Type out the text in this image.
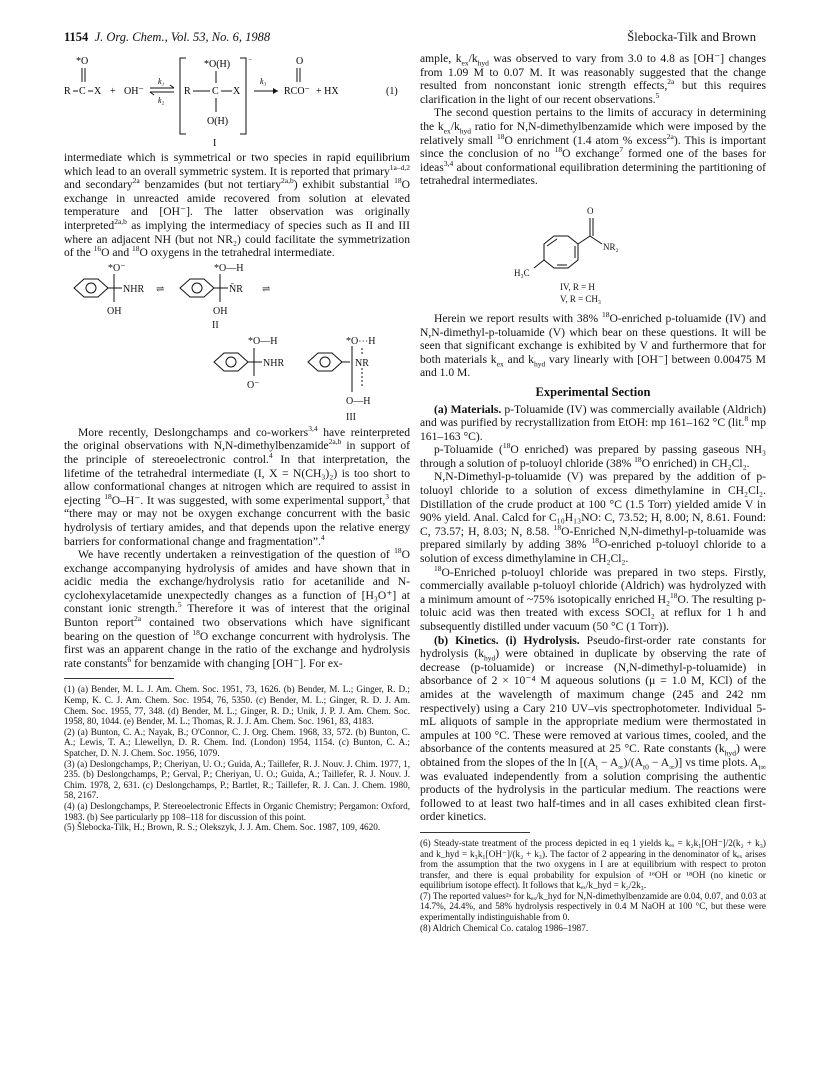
1154 J. Org. Chem., Vol. 53, No. 6, 1988	Šlebocka-Tilk and Brown
*O
R C X + OH⁻
k₁
k₂
⁻
*O(H)
R C X
O(H)
I
k₃
O
RCO⁻ + HX	(1)

intermediate which is symmetrical or two species in rapid equilibrium which lead to an overall symmetric system. It is reported that primary$^{1a-d,2}$ and secondary$^{2a}$ benzamides (but not tertiary$^{2a,b}$) exhibit substantial $^{18}$O exchange in unreacted amide recovered from solution at elevated temperature and [OH⁻]. The latter observation was originally interpreted$^{2a,b}$ as implying the intermediacy of species such as II and III where an adjacent NH (but not NR₂) could facilitate the symmetrization of the $^{16}$O and $^{18}$O oxygens in the tetrahedral intermediate.

*O⁻
NHR
OH
⇌
*O—H
N̄R
OH
⇌
II
*O—H
NHR
O⁻
*O⋯H
NR
O—H
III

More recently, Deslongchamps and co-workers$^{3,4}$ have reinterpreted the original observations with N,N-dimethylbenzamide$^{2a,b}$ in support of the principle of stereoelectronic control.$^4$ In that interpretation, the lifetime of the tetrahedral intermediate (I, X = N(CH₃)₂) is too short to allow conformational changes at nitrogen which are required to assist in ejecting $^{18}$O–H⁻. It was suggested, with some experimental support,$^3$ that “there may or may not be oxygen exchange concurrent with the basic hydrolysis of tertiary amides, and that depends upon the relative energy barriers for conformational change and fragmentation”.$^4$

We have recently undertaken a reinvestigation of the question of $^{18}$O exchange accompanying hydrolysis of amides and have shown that in acidic media the exchange/hydrolysis ratio for acetanilide and N-cyclohexylacetamide unexpectedly changes as a function of [H₃O⁺] at constant ionic strength.$^5$ Therefore it was of interest that the original Bunton report$^{2a}$ contained two observations which have significant bearing on the question of $^{18}$O exchange concurrent with hydrolysis. The first was an apparent change in the ratio of the exchange and hydrolysis rate constants$^6$ for benzamide with changing [OH⁻]. For ex-

(1) (a) Bender, M. L. J. Am. Chem. Soc. 1951, 73, 1626. (b) Bender, M. L.; Ginger, R. D.; Kemp, K. C. J. Am. Chem. Soc. 1954, 76, 5350. (c) Bender, M. L.; Ginger, R. D. J. Am. Chem. Soc. 1955, 77, 348. (d) Bender, M. L.; Ginger, R. D.; Unik, J. P. J. Am. Chem. Soc. 1958, 80, 1044. (e) Bender, M. L.; Thomas, R. J. J. Am. Chem. Soc. 1961, 83, 4183.

(2) (a) Bunton, C. A.; Nayak, B.; O'Connor, C. J. Org. Chem. 1968, 33, 572. (b) Bunton, C. A.; Lewis, T. A.; Llewellyn, D. R. Chem. Ind. (London) 1954, 1154. (c) Bunton, C. A.; Spatcher, D. N. J. Chem. Soc. 1956, 1079.

(3) (a) Deslongchamps, P.; Cheriyan, U. O.; Guida, A.; Taillefer, R. J. Nouv. J. Chim. 1977, 1, 235. (b) Deslongchamps, P.; Gerval, P.; Cheriyan, U. O.; Guida, A.; Taillefer, R. J. Nouv. J. Chim. 1978, 2, 631. (c) Deslongchamps, P.; Bartlet, R.; Taillefer, R. J. Can. J. Chem. 1980, 58, 2167.

(4) (a) Deslongchamps, P. Stereoelectronic Effects in Organic Chemistry; Pergamon: Oxford, 1983. (b) See particularly pp 108–118 for discussion of this point.

(5) Šlebocka-Tilk, H.; Brown, R. S.; Olekszyk, J. J. Am. Chem. Soc. 1987, 109, 4620.

ample, $k_{ex}/k_{hyd}$ was observed to vary from 3.0 to 4.8 as [OH⁻] changes from 1.09 M to 0.07 M. It was reasonably suggested that the change resulted from nonconstant ionic strength effects,$^{2a}$ but this requires clarification in the light of our recent observations.$^5$

The second question pertains to the limits of accuracy in determining the $k_{ex}/k_{hyd}$ ratio for N,N-dimethylbenzamide which were imposed by the relatively small $^{18}$O enrichment (1.4 atom % excess$^{2a}$). This is important since the conclusion of no $^{18}$O exchange$^7$ formed one of the bases for ideas$^{3,4}$ about conformational equilibration determining the partitioning of tetrahedral intermediates.

O
NR₂
H₃C
IV, R = H
V, R = CH₃

Herein we report results with 38% $^{18}$O-enriched p-toluamide (IV) and N,N-dimethyl-p-toluamide (V) which bear on these questions. It will be seen that significant exchange is exhibited by V and furthermore that for both materials $k_{ex}$ and $k_{hyd}$ vary linearly with [OH⁻] between 0.00475 M and 1.0 M.

Experimental Section

(a) Materials. p-Toluamide (IV) was commercially available (Aldrich) and was purified by recrystallization from EtOH: mp 161–162 °C (lit.$^8$ mp 161–163 °C).

p-Toluamide ($^{18}$O enriched) was prepared by passing gaseous NH₃ through a solution of p-toluoyl chloride (38% $^{18}$O enriched) in CH₂Cl₂.

N,N-Dimethyl-p-toluamide (V) was prepared by the addition of p-toluoyl chloride to a solution of excess dimethylamine in CH₂Cl₂. Distillation of the crude product at 100 °C (1.5 Torr) yielded amide V in 90% yield. Anal. Calcd for C₁₀H₁₃NO: C, 73.52; H, 8.00; N, 8.61. Found: C, 73.57; H, 8.03; N, 8.58. $^{18}$O-Enriched N,N-dimethyl-p-toluamide was prepared similarly by adding 38% $^{18}$O-enriched p-toluoyl chloride to a solution of excess dimethylamine in CH₂Cl₂.

$^{18}$O-Enriched p-toluoyl chloride was prepared in two steps. Firstly, commercially available p-toluoyl chloride (Aldrich) was hydrolyzed with a minimum amount of ~75% isotopically enriched H₂$^{18}$O. The resulting p-toluic acid was then treated with excess SOCl₂ at reflux for 1 h and subsequently distilled under vacuum (50 °C (1 Torr)).

(b) Kinetics. (i) Hydrolysis. Pseudo-first-order rate constants for hydrolysis $(k_{hyd})$ were obtained in duplicate by observing the rate of decrease (p-toluamide) or increase (N,N-dimethyl-p-toluamide) in absorbance of 2 × 10⁻⁴ M aqueous solutions (μ = 1.0 M, KCl) of the amides at the wavelength of maximum change (245 and 242 nm respectively) using a Cary 210 UV–vis spectrophotometer. Individual 5-mL aliquots of sample in the appropriate medium were thermostated in ampules at 100 °C. These were removed at various times, cooled, and the absorbance of the contents measured at 25 °C. Rate constants $(k_{hyd})$ were obtained from the slopes of the $\ln [(A_t - A_\infty)/(A_{t0} - A_\infty)]$ vs time plots. $A_{t\infty}$ was evaluated independently from a solution comprising the authentic products of the hydrolysis in the particular medium. The reactions were followed to at least two half-times and in all cases exhibited clean first-order kinetics.

(6) Steady-state treatment of the process depicted in eq 1 yields kₑₓ = k₂k₁[OH⁻]/2(k₂ + k₃) and k_hyd = k₃k₁[OH⁻]/(k₂ + k₃). The factor of 2 appearing in the denominator of kₑₓ arises from the assumption that the two oxygens in I are at equilibrium with respect to proton transfer, and there is equal probability for expulsion of ¹⁶OH or ¹⁸OH (no kinetic or equilibrium isotope effect). It follows that kₑₓ/k_hyd = k₂/2k₃.

(7) The reported values²ᵃ for kₑₓ/k_hyd for N,N-dimethylbenzamide are 0.04, 0.07, and 0.03 at 14.7%, 24.4%, and 58% hydrolysis respectively in 0.4 M NaOH at 100 °C, but these were experimentally indistinguishable from 0.

(8) Aldrich Chemical Co. catalog 1986–1987.
